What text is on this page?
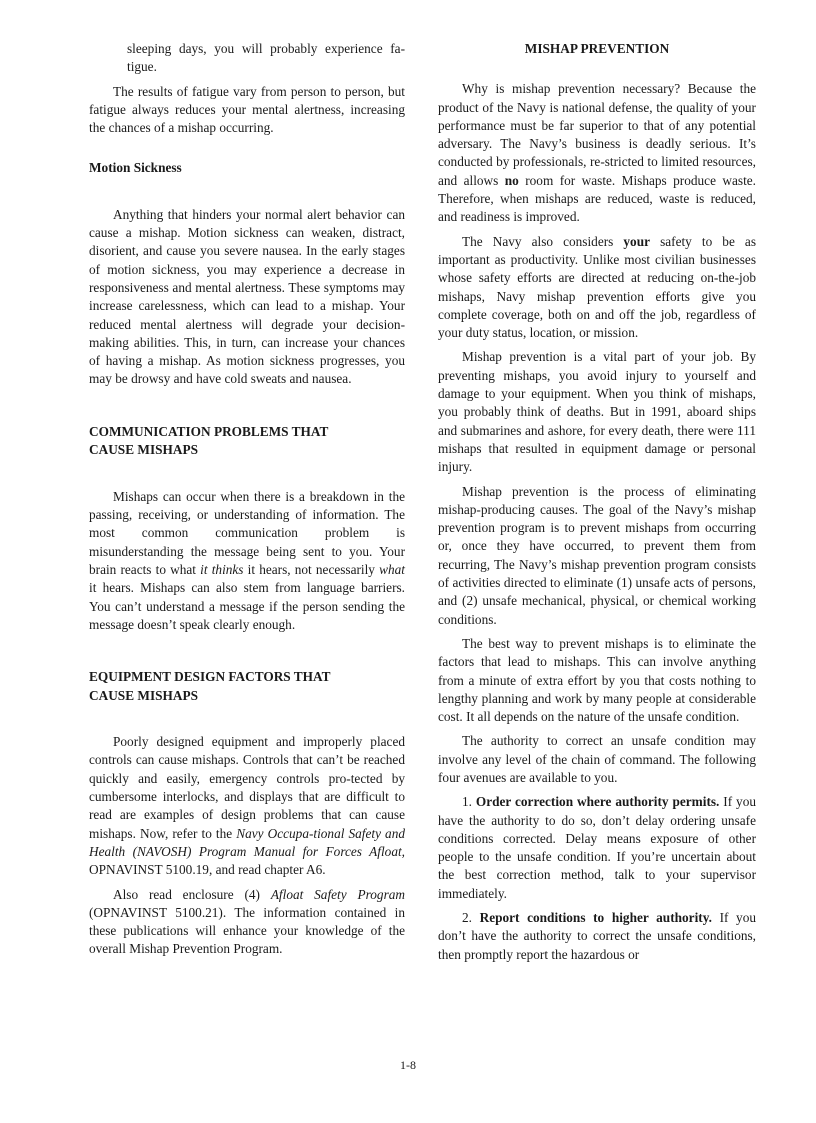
sleeping days, you will probably experience fa-tigue.

The results of fatigue vary from person to person, but fatigue always reduces your mental alertness, increasing the chances of a mishap occurring.

Motion Sickness

Anything that hinders your normal alert behavior can cause a mishap. Motion sickness can weaken, distract, disorient, and cause you severe nausea. In the early stages of motion sickness, you may experience a decrease in responsiveness and mental alertness. These symptoms may increase carelessness, which can lead to a mishap. Your reduced mental alertness will degrade your decision-making abilities. This, in turn, can increase your chances of having a mishap. As motion sickness progresses, you may be drowsy and have cold sweats and nausea.

COMMUNICATION PROBLEMS THAT
CAUSE MISHAPS

Mishaps can occur when there is a breakdown in the passing, receiving, or understanding of information. The most common communication problem is misunderstanding the message being sent to you. Your brain reacts to what it thinks it hears, not necessarily what it hears. Mishaps can also stem from language barriers. You can’t understand a message if the person sending the message doesn’t speak clearly enough.

EQUIPMENT DESIGN FACTORS THAT
CAUSE MISHAPS

Poorly designed equipment and improperly placed controls can cause mishaps. Controls that can’t be reached quickly and easily, emergency controls pro-tected by cumbersome interlocks, and displays that are difficult to read are examples of design problems that can cause mishaps. Now, refer to the Navy Occupa-tional Safety and Health (NAVOSH) Program Manual for Forces Afloat, OPNAVINST 5100.19, and read chapter A6.

Also read enclosure (4) Afloat Safety Program (OPNAVINST 5100.21). The information contained in these publications will enhance your knowledge of the overall Mishap Prevention Program.

MISHAP PREVENTION

Why is mishap prevention necessary? Because the product of the Navy is national defense, the quality of your performance must be far superior to that of any potential adversary. The Navy’s business is deadly serious. It’s conducted by professionals, re-stricted to limited resources, and allows no room for waste. Mishaps produce waste. Therefore, when mishaps are reduced, waste is reduced, and readiness is improved.

The Navy also considers your safety to be as important as productivity. Unlike most civilian businesses whose safety efforts are directed at reducing on-the-job mishaps, Navy mishap prevention efforts give you complete coverage, both on and off the job, regardless of your duty status, location, or mission.

Mishap prevention is a vital part of your job. By preventing mishaps, you avoid injury to yourself and damage to your equipment. When you think of mishaps, you probably think of deaths. But in 1991, aboard ships and submarines and ashore, for every death, there were 111 mishaps that resulted in equipment damage or personal injury.

Mishap prevention is the process of eliminating mishap-producing causes. The goal of the Navy’s mishap prevention program is to prevent mishaps from occurring or, once they have occurred, to prevent them from recurring, The Navy’s mishap prevention program consists of activities directed to eliminate (1) unsafe acts of persons, and (2) unsafe mechanical, physical, or chemical working conditions.

The best way to prevent mishaps is to eliminate the factors that lead to mishaps. This can involve anything from a minute of extra effort by you that costs nothing to lengthy planning and work by many people at considerable cost. It all depends on the nature of the unsafe condition.

The authority to correct an unsafe condition may involve any level of the chain of command. The following four avenues are available to you.

1. Order correction where authority permits. If you have the authority to do so, don’t delay ordering unsafe conditions corrected. Delay means exposure of other people to the unsafe condition. If you’re uncertain about the best correction method, talk to your supervisor immediately.

2. Report conditions to higher authority. If you don’t have the authority to correct the unsafe conditions, then promptly report the hazardous or

1-8
